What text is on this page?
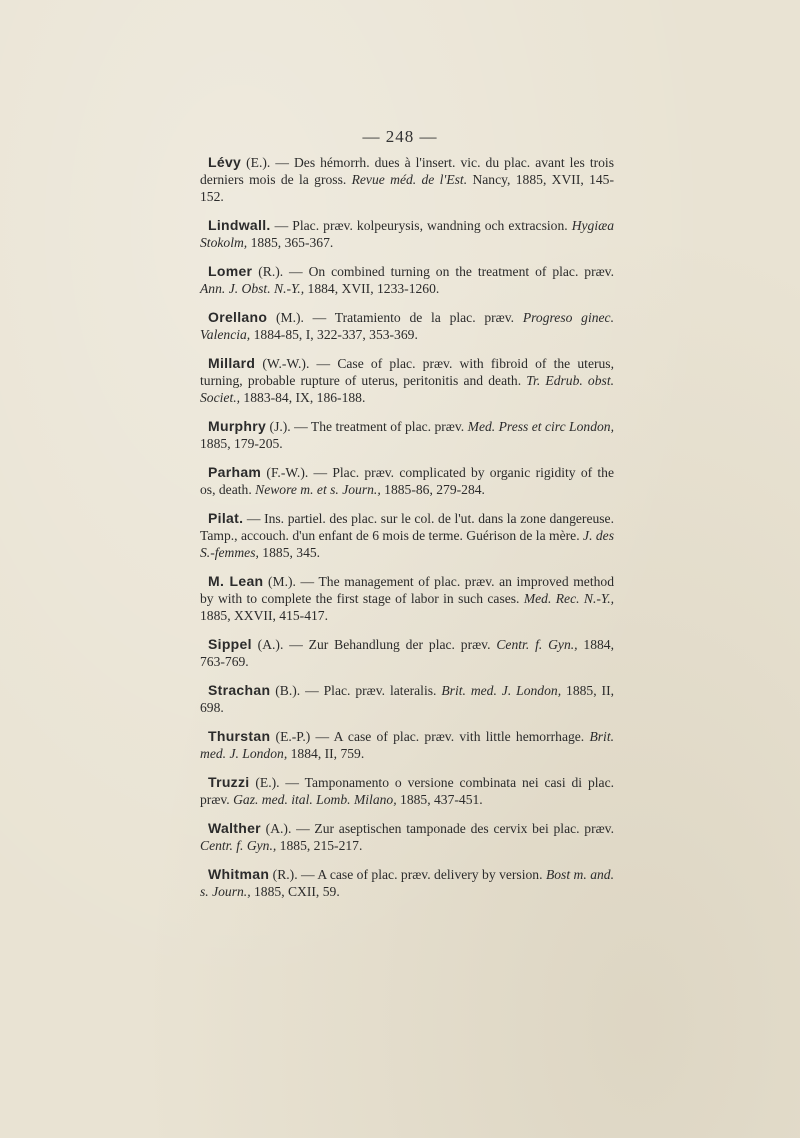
— 248 —

Lévy (E.). — Des hémorrh. dues à l'insert. vic. du plac. avant les trois derniers mois de la gross. Revue méd. de l'Est. Nancy, 1885, XVII, 145-152.

Lindwall. — Plac. præv. kolpeurysis, wandning och extracsion. Hygiæa Stokolm, 1885, 365-367.

Lomer (R.). — On combined turning on the treatment of plac. præv. Ann. J. Obst. N.-Y., 1884, XVII, 1233-1260.

Orellano (M.). — Tratamiento de la plac. præv. Progreso ginec. Valencia, 1884-85, I, 322-337, 353-369.

Millard (W.-W.). — Case of plac. præv. with fibroid of the uterus, turning, probable rupture of uterus, peritonitis and death. Tr. Edrub. obst. Societ., 1883-84, IX, 186-188.

Murphry (J.). — The treatment of plac. præv. Med. Press et circ London, 1885, 179-205.

Parham (F.-W.). — Plac. præv. complicated by organic rigidity of the os, death. Newore m. et s. Journ., 1885-86, 279-284.

Pilat. — Ins. partiel. des plac. sur le col. de l'ut. dans la zone dangereuse. Tamp., accouch. d'un enfant de 6 mois de terme. Guérison de la mère. J. des S.-femmes, 1885, 345.

M. Lean (M.). — The management of plac. præv. an improved method by with to complete the first stage of labor in such cases. Med. Rec. N.-Y., 1885, XXVII, 415-417.

Sippel (A.). — Zur Behandlung der plac. præv. Centr. f. Gyn., 1884, 763-769.

Strachan (B.). — Plac. præv. lateralis. Brit. med. J. London, 1885, II, 698.

Thurstan (E.-P.) — A case of plac. præv. vith little hemorrhage. Brit. med. J. London, 1884, II, 759.

Truzzi (E.). — Tamponamento o versione combinata nei casi di plac. præv. Gaz. med. ital. Lomb. Milano, 1885, 437-451.

Walther (A.). — Zur aseptischen tamponade des cervix bei plac. præv. Centr. f. Gyn., 1885, 215-217.

Whitman (R.). — A case of plac. præv. delivery by version. Bost m. and. s. Journ., 1885, CXII, 59.
